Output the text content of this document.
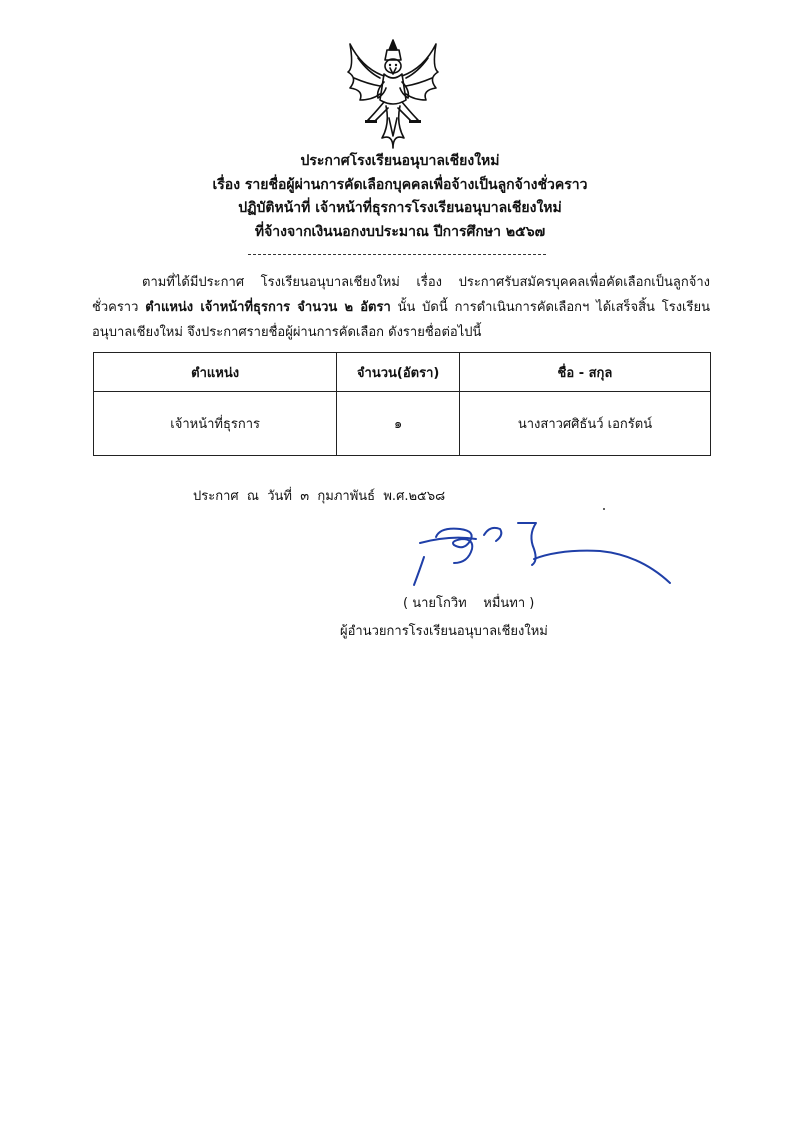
ประกาศโรงเรียนอนุบาลเชียงใหม่
เรื่อง รายชื่อผู้ผ่านการคัดเลือกบุคคลเพื่อจ้างเป็นลูกจ้างชั่วคราว
ปฏิบัติหน้าที่ เจ้าหน้าที่ธุรการโรงเรียนอนุบาลเชียงใหม่
ที่จ้างจากเงินนอกงบประมาณ ปีการศึกษา ๒๕๖๗
ตามที่ได้มีประกาศ โรงเรียนอนุบาลเชียงใหม่ เรื่อง ประกาศรับสมัครบุคคลเพื่อคัดเลือกเป็นลูกจ้างชั่วคราว ตำแหน่ง เจ้าหน้าที่ธุรการ จำนวน ๒ อัตรา นั้น บัดนี้ การดำเนินการคัดเลือกฯ ได้เสร็จสิ้น โรงเรียนอนุบาลเชียงใหม่ จึงประกาศรายชื่อผู้ผ่านการคัดเลือก ดังรายชื่อต่อไปนี้
ตำแหน่ง	จำนวน(อัตรา)	ชื่อ - สกุล
เจ้าหน้าที่ธุรการ	๑	นางสาวศศิธันว์ เอกรัตน์
ประกาศ  ณ  วันที่  ๓  กุมภาพันธ์  พ.ศ.๒๕๖๘
( นายโกวิท    หมื่นทา )
ผู้อำนวยการโรงเรียนอนุบาลเชียงใหม่
